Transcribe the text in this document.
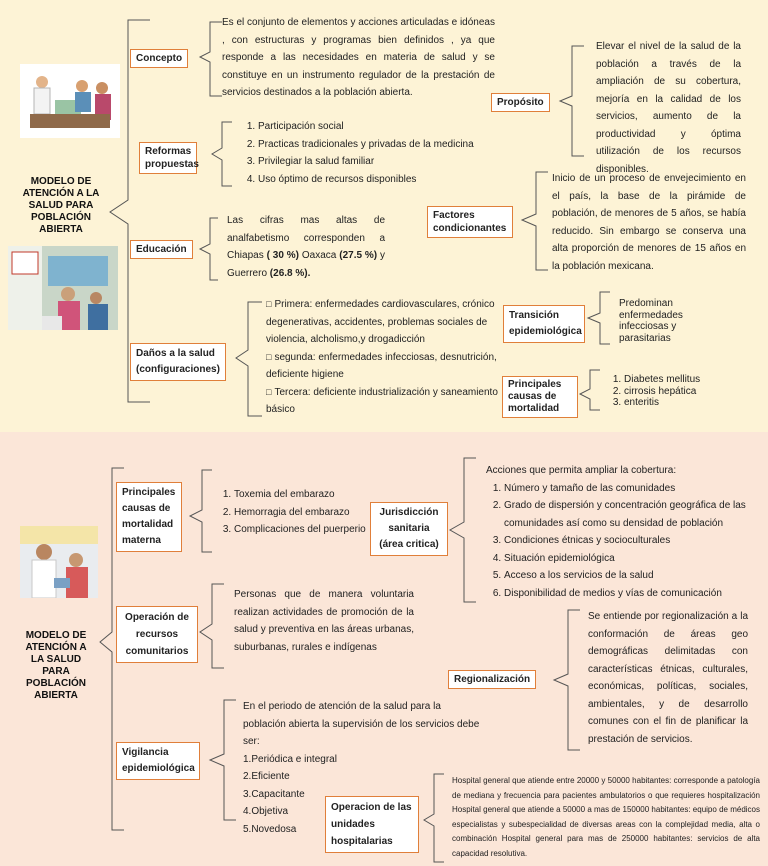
MODELO DE ATENCIÓN A LA SALUD PARA POBLACIÓN ABIERTA
Concepto
Es el conjunto de elementos y acciones articuladas e idóneas , con estructuras y programas bien definidos , ya que responde a las necesidades en materia de salud y se constituye en un instrumento regulador de la prestación de servicios destinados a la población abierta.
Reformas propuestas
1. Participación social
2. Practicas tradicionales y privadas de la medicina
3. Privilegiar la salud familiar
4. Uso óptimo de recursos disponibles
Educación
Las cifras mas altas de analfabetismo corresponden a Chiapas ( 30 %) Oaxaca (27.5 %) y Guerrero (26.8 %).
Daños a la salud (configuraciones)
□ Primera: enfermedades cardiovasculares, crónico degenerativas, accidentes, problemas sociales de violencia, alcholismo,y drogadicción
□ segunda: enfermedades infecciosas, desnutrición, deficiente higiene
□ Tercera: deficiente industrialización y saneamiento básico
Propósito
Elevar el nivel de la salud de la población a través de la ampliación de su cobertura, mejoría en la calidad de los servicios, aumento de la productividad y óptima utilización de los recursos disponibles.
Factores condicionantes
Inicio de un proceso de envejecimiento en el país, la base de la pirámide de población, de menores de 5 años, se había reducido. Sin embargo se conserva una alta proporción de menores de 15 años en la población mexicana.
Transición epidemiológica
Predominan enfermedades infecciosas y parasitarias
Principales causas de mortalidad
1. Diabetes mellitus
2. cirrosis hepática
3. enteritis
MODELO DE ATENCIÓN A LA SALUD PARA POBLACIÓN ABIERTA
Principales causas de mortalidad materna
1. Toxemia del embarazo
2. Hemorragia del embarazo
3. Complicaciones del puerperio
Jurisdicción sanitaria (área critica)
Acciones que permita ampliar la cobertura:
1. Número y tamaño de las comunidades
2. Grado de dispersión y concentración geográfica de las comunidades así como su densidad de población
3. Condiciones étnicas y socioculturales
4. Situación epidemiológica
5. Acceso a los servicios de la salud
6. Disponibilidad de medios y vías de comunicación
Operación de recursos comunitarios
Personas que de manera voluntaria realizan actividades de promoción de la salud y preventiva en las áreas urbanas, suburbanas, rurales e indígenas
Regionalización
Se entiende por regionalización a la conformación de áreas geo demográficas delimitadas con características étnicas, culturales, económicas, políticas, sociales, ambientales, y de desarrollo comunes con el fin de planificar la prestación de servicios.
Vigilancia epidemiológica
En el periodo de atención de la salud para la población abierta la supervisión de los servicios debe ser:
1.Periódica e integral
2.Eficiente
3.Capacitante
4.Objetiva
5.Novedosa
Operacion de las unidades hospitalarias
Hospital general que atiende entre 20000 y 50000 habitantes: corresponde a patología de mediana y frecuencia para pacientes ambulatorios o que requieres hospitalización Hospital general que atiende a 50000 a mas de 150000 habitantes: equipo de médicos especialistas y subespecialidad de diversas areas con la complejidad media, alta o combinación Hospital general para mas de 250000 habitantes: servicios de alta capacidad resolutiva.
